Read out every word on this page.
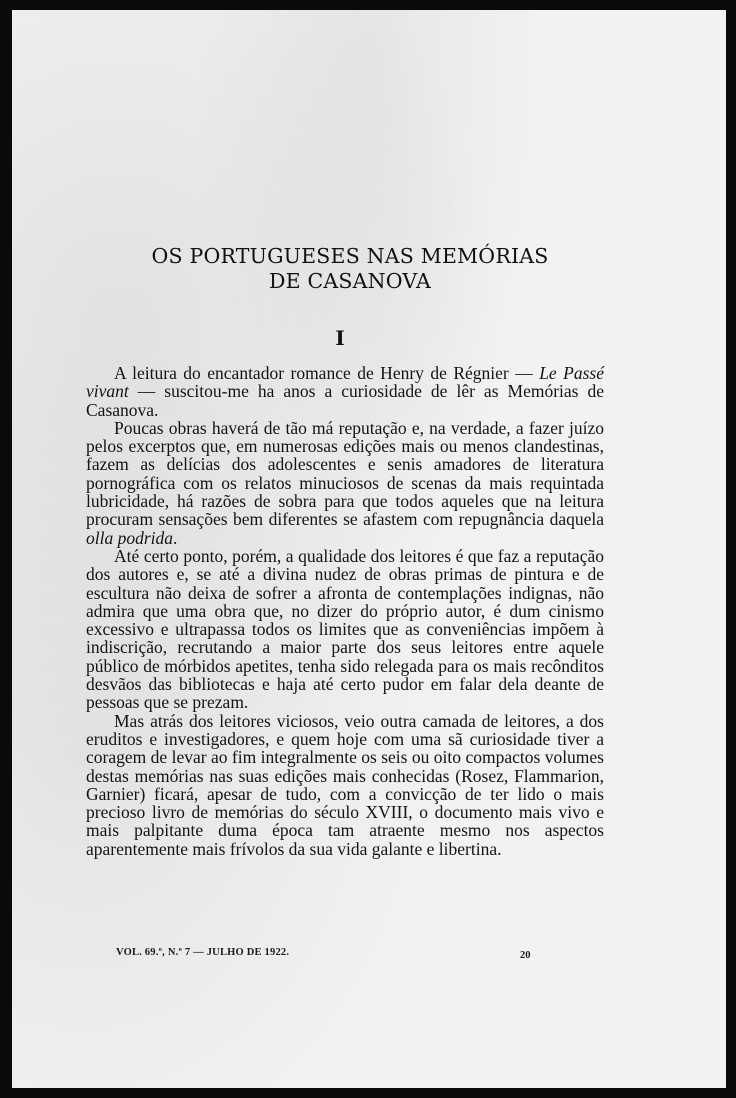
OS PORTUGUESES NAS MEMÓRIAS
DE CASANOVA
I

A leitura do encantador romance de Henry de Régnier — Le Passé vivant — suscitou-me ha anos a curiosidade de lêr as Memórias de Casanova.

Poucas obras haverá de tão má reputação e, na verdade, a fazer juízo pelos excerptos que, em numerosas edições mais ou menos clandestinas, fazem as delícias dos adolescentes e senis amadores de literatura pornográfica com os relatos minuciosos de scenas da mais requintada lubricidade, há razões de sobra para que todos aqueles que na leitura procuram sensações bem diferentes se afastem com repugnância daquela olla podrida.

Até certo ponto, porém, a qualidade dos leitores é que faz a reputação dos autores e, se até a divina nudez de obras primas de pintura e de escultura não deixa de sofrer a afronta de contemplações indignas, não admira que uma obra que, no dizer do próprio autor, é dum cinismo excessivo e ultrapassa todos os limites que as conveniências impõem à indiscrição, recrutando a maior parte dos seus leitores entre aquele público de mórbidos apetites, tenha sido relegada para os mais recônditos desvãos das bibliotecas e haja até certo pudor em falar dela deante de pessoas que se prezam.

Mas atrás dos leitores viciosos, veio outra camada de leitores, a dos eruditos e investigadores, e quem hoje com uma sã curiosidade tiver a coragem de levar ao fim integralmente os seis ou oito compactos volumes destas memórias nas suas edições mais conhecidas (Rosez, Flammarion, Garnier) ficará, apesar de tudo, com a convicção de ter lido o mais precioso livro de memórias do século XVIII, o documento mais vivo e mais palpitante duma época tam atraente mesmo nos aspectos aparentemente mais frívolos da sua vida galante e libertina.

VOL. 69.º, N.º 7 — JULHO DE 1922.	20
